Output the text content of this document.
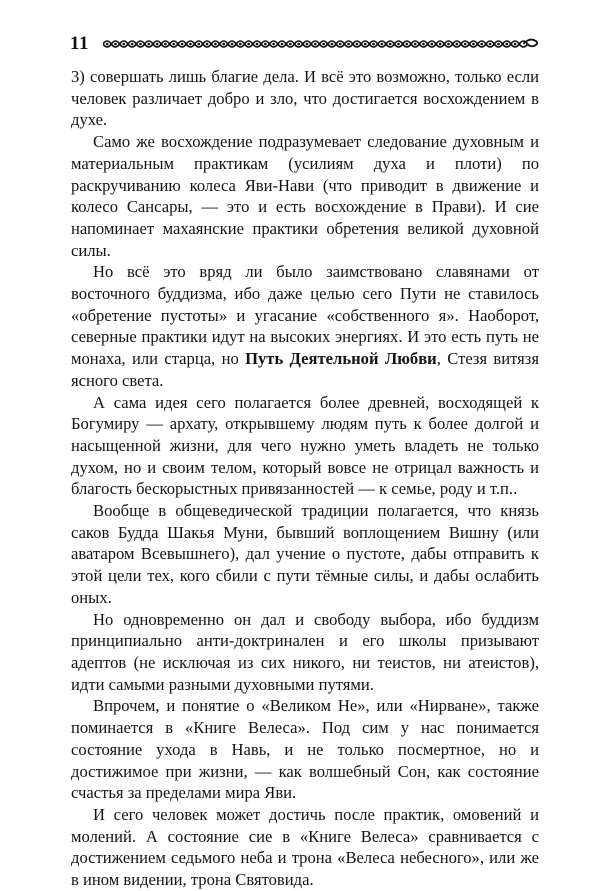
11

3) совершать лишь благие дела. И всё это возможно, только если человек различает добро и зло, что достигается восхождением в духе.

Само же восхождение подразумевает следование духовным и материальным практикам (усилиям духа и плоти) по раскручиванию колеса Яви-Нави (что приводит в движение и колесо Сансары, — это и есть восхождение в Прави). И сие напоминает махаянские практики обретения великой духовной силы.

Но всё это вряд ли было заимствовано славянами от восточного буддизма, ибо даже целью сего Пути не ставилось «обретение пустоты» и угасание «собственного я». Наоборот, северные практики идут на высоких энергиях. И это есть путь не монаха, или старца, но Путь Деятельной Любви, Стезя витязя ясного света.

А сама идея сего полагается более древней, восходящей к Богумиру — архату, открывшему людям путь к более долгой и насыщенной жизни, для чего нужно уметь владеть не только духом, но и своим телом, который вовсе не отрицал важность и благость бескорыстных привязанностей — к семье, роду и т.п..

Вообще в общеведической традиции полагается, что князь саков Будда Шакья Муни, бывший воплощением Вишну (или аватаром Всевышнего), дал учение о пустоте, дабы отправить к этой цели тех, кого сбили с пути тёмные силы, и дабы ослабить оных.

Но одновременно он дал и свободу выбора, ибо буддизм принципиально анти-доктринален и его школы призывают адептов (не исключая из сих никого, ни теистов, ни атеистов), идти самыми разными духовными путями.

Впрочем, и понятие о «Великом Не», или «Нирване», также поминается в «Книге Велеса». Под сим у нас понимается состояние ухода в Навь, и не только посмертное, но и достижимое при жизни, — как волшебный Сон, как состояние счастья за пределами мира Яви.

И сего человек может достичь после практик, омовений и молений. А состояние сие в «Книге Велеса» сравнивается с достижением седьмого неба и трона «Велеса небесного», или же в ином видении, трона Святовида.
